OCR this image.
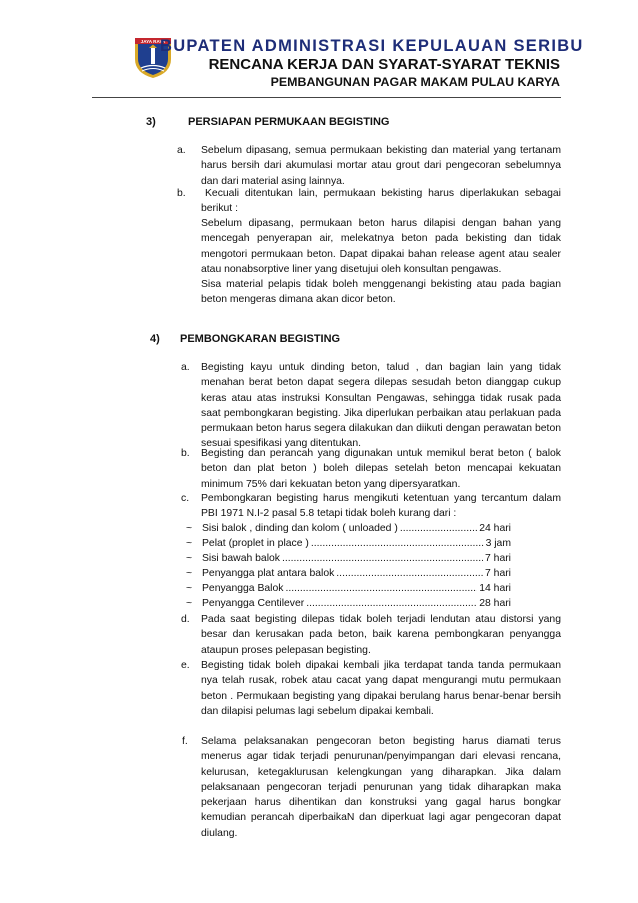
JAYA RAYA
BUPATEN ADMINISTRASI KEPULAUAN SERIBU
RENCANA KERJA DAN SYARAT-SYARAT TEKNIS
PEMBANGUNAN PAGAR MAKAM PULAU KARYA
3)	PERSIAPAN PERMUKAAN BEGISTING
a. Sebelum dipasang, semua permukaan bekisting dan material yang tertanam harus bersih dari akumulasi mortar atau grout dari pengecoran sebelumnya dan dari material asing lainnya.
b.	Kecuali ditentukan lain, permukaan bekisting harus diperlakukan sebagai berikut :
Sebelum dipasang, permukaan beton harus dilapisi dengan bahan yang mencegah penyerapan air, melekatnya beton pada bekisting dan tidak mengotori permukaan beton. Dapat dipakai bahan release agent atau sealer atau nonabsorptive liner yang disetujui oleh konsultan pengawas.
Sisa material pelapis tidak boleh menggenangi bekisting atau pada bagian beton mengeras dimana akan dicor beton.
4) PEMBONGKARAN BEGISTING
a. Begisting kayu untuk dinding beton, talud , dan bagian lain yang tidak menahan berat beton dapat segera dilepas sesudah beton dianggap cukup keras atau atas instruksi Konsultan Pengawas, sehingga tidak rusak pada saat pembongkaran begisting. Jika diperlukan perbaikan atau perlakuan pada permukaan beton harus segera dilakukan dan diikuti dengan perawatan beton sesuai spesifikasi yang ditentukan.
b. Begisting dan perancah yang digunakan untuk memikul berat beton ( balok beton dan plat beton ) boleh dilepas setelah beton mencapai kekuatan minimum 75% dari kekuatan beton yang dipersyaratkan.
c. Pembongkaran begisting harus mengikuti ketentuan yang tercantum dalam PBI 1971 N.I-2 pasal 5.8 tetapi tidak boleh kurang dari :
~ Sisi balok , dinding dan kolom ( unloaded ) .....	24 hari
~ Pelat (proplet in place ) .....	3 jam
~ Sisi bawah balok .....	7 hari
~ Penyangga plat antara balok .....	7 hari
~ Penyangga Balok .....	14 hari
~ Penyangga Centilever .....	28 hari
d. Pada saat begisting dilepas tidak boleh terjadi lendutan atau distorsi yang besar dan kerusakan pada beton, baik karena pembongkaran penyangga ataupun proses pelepasan begisting.
e. Begisting tidak boleh dipakai kembali jika terdapat tanda tanda permukaan nya telah rusak, robek atau cacat yang dapat mengurangi mutu permukaan beton . Permukaan begisting yang dipakai berulang harus benar-benar bersih dan dilapisi pelumas lagi sebelum dipakai kembali.
f. Selama pelaksanakan pengecoran beton begisting harus diamati terus menerus agar tidak terjadi penurunan/penyimpangan dari elevasi rencana, kelurusan, ketegaklurusan kelengkungan yang diharapkan. Jika dalam pelaksanaan pengecoran terjadi penurunan yang tidak diharapkan maka pekerjaan harus dihentikan dan konstruksi yang gagal harus bongkar kemudian perancah diperbaikaN dan diperkuat lagi agar pengecoran dapat diulang.
